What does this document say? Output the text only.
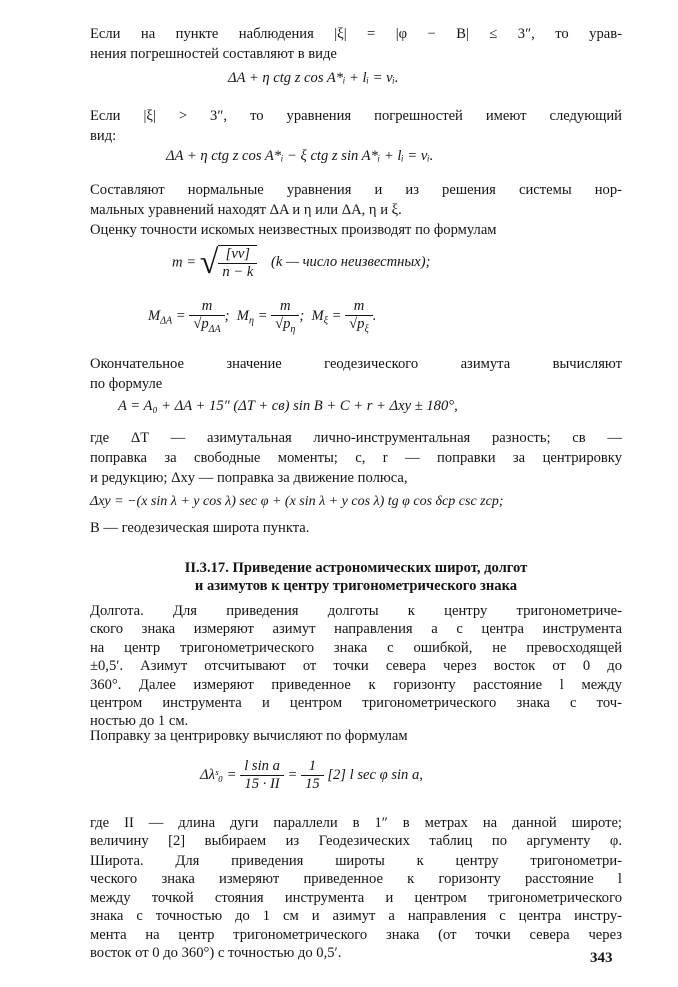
Если на пункте наблюдения |ξ| = |φ − B| ≤ 3″, то урав-
нения погрешностей составляют в виде
ΔA + η ctg z cos A*ᵢ + lᵢ = vᵢ.
Если |ξ| > 3″, то уравнения погрешностей имеют следующий
вид:
ΔA + η ctg z cos A*ᵢ − ξ ctg z sin A*ᵢ + lᵢ = vᵢ.
Составляют нормальные уравнения и из решения системы нор-
мальных уравнений находят ΔA и η или ΔA, η и ξ.
Оценку точности искомых неизвестных производят по формулам
m = √ $\frac{[vv]}{n - k} (k$ — число неизвестных);
$M_{\Delta A} = \frac{m}{√p_{\Delta A}}$ ;  $M_\eta = \frac{m}{√p_\eta}$ ;  $M_\xi = \frac{m}{√p_\xi}$ .
Окончательное значение геодезического азимута вычисляют
по формуле
A = A₀ + ΔA + 15″ (ΔT + св) sin B + C + r + Δxy ± 180°,
где ΔT — азимутальная лично-инструментальная разность; св —
поправка за свободные моменты; c, r — поправки за центрировку
и редукцию; Δxy — поправка за движение полюса,
Δxy = −(x sin λ + y cos λ) sec φ + (x sin λ + y cos λ) tg φ cos δcp csc zcp;
B — геодезическая широта пункта.
II.3.17. Приведение астрономических широт, долгот
и азимутов к центру тригонометрического знака
Долгота. Для приведения долготы к центру тригонометриче-
ского знака измеряют азимут направления a с центра инструмента
на центр тригонометрического знака с ошибкой, не превосходящей
±0,5′. Азимут отсчитывают от точки севера через восток от 0 до
360°. Далее измеряют приведенное к горизонту расстояние l между
центром инструмента и центром тригонометрического знака с точ-
ностью до 1 см.
Поправку за центрировку вычисляют по формулам
Δλˢ₀ = $\frac{\text{l sin a}}{15 \cdot II} = \frac{1}{15} [2]$ l sec φ sin a,
где II — длина дуги параллели в 1″ в метрах на данной широте;
величину [2] выбираем из Геодезических таблиц по аргументу φ.
Широта. Для приведения широты к центру тригонометри-
ческого знака измеряют приведенное к горизонту расстояние l
между точкой стояния инструмента и центром тригонометрического
знака с точностью до 1 см и азимут a направления с центра инстру-
мента на центр тригонометрического знака (от точки севера через
восток от 0 до 360°) с точностью до 0,5′.	343
